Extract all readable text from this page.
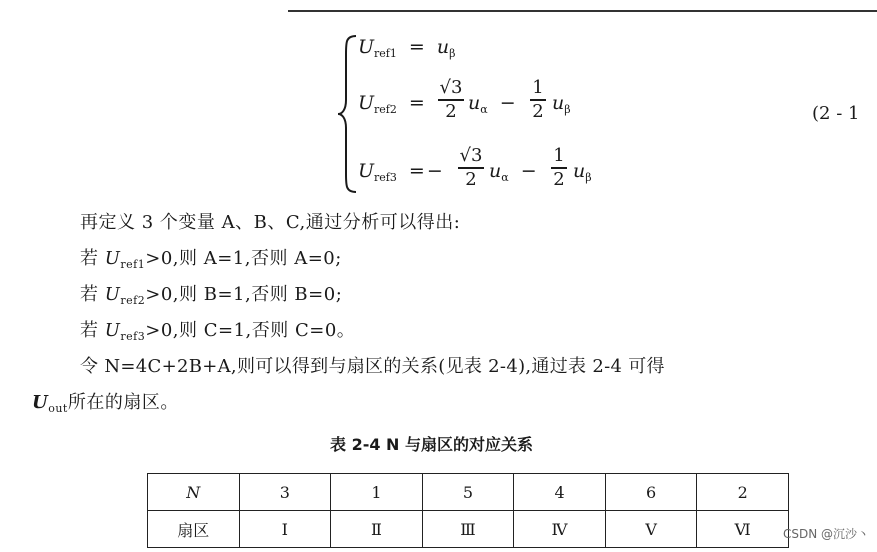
$U_{ref1} = u_\beta$
$U_{ref2}$ =
√3
2 $u_\alpha$ −
1
2 $u_\beta$	(2 - 1
$U_{ref3}$ = −
√3
2 $u_\alpha$ −
1
2 $u_\beta$
再定义 3 个变量 A、B、C,通过分析可以得出:
若 $U_{ref1}>0$,则 A=1,否则 A=0;
若 $U_{ref2}>0$,则 B=1,否则 B=0;
若 $U_{ref3}>0$,则 C=1,否则 C=0。
令 N=4C+2B+A,则可以得到与扇区的关系(见表 2-4),通过表 2-4 可得
$U_{out}$所在的扇区。
表 2-4 N 与扇区的对应关系
N	3	1	5	4	6	2
扇区	Ⅰ	Ⅱ	Ⅲ	Ⅳ	Ⅴ	Ⅵ	CSDN @沉沙丶
